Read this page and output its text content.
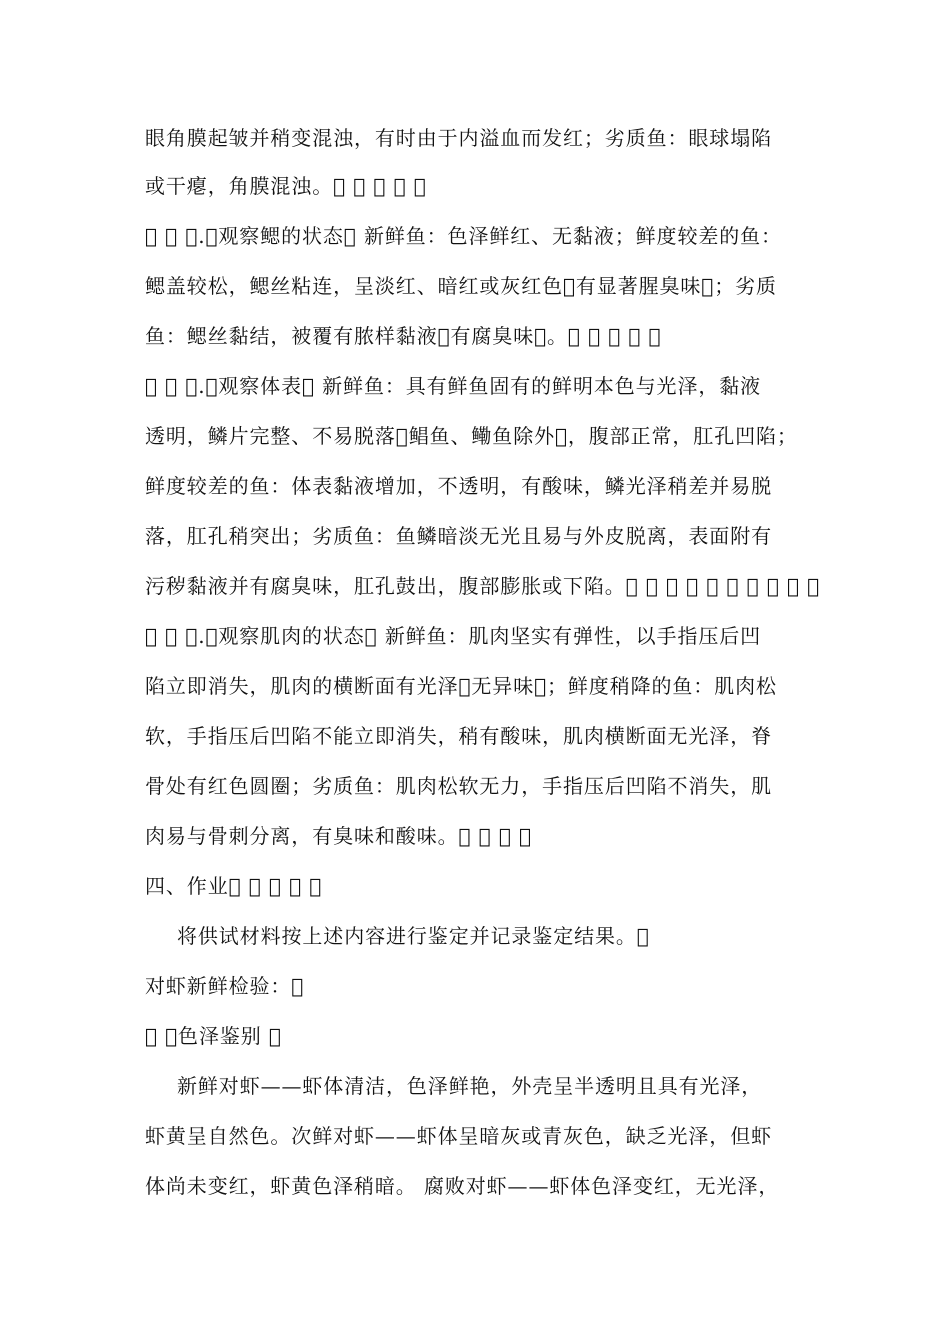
眼角膜起皱并稍变混浊，有时由于内溢血而发红；劣质鱼：眼球塌陷
或干瘪，角膜混浊。         
     . 观察鳃的状态  新鲜鱼：色泽鲜红、无黏液；鲜度较差的鱼：
鳃盖较松，鳃丝粘连，呈淡红、暗红或灰红色 有显著腥臭味 ；劣质
鱼：鳃丝黏结，被覆有脓样黏液 有腐臭味 。         
     . 观察体表  新鲜鱼：具有鲜鱼固有的鲜明本色与光泽，黏液
透明，鳞片完整、不易脱落 鲳鱼、鳓鱼除外 ，腹部正常，肛孔凹陷；
鲜度较差的鱼：体表黏液增加，不透明，有酸味，鳞光泽稍差并易脱
落，肛孔稍突出；劣质鱼：鱼鳞暗淡无光且易与外皮脱离，表面附有
污秽黏液并有腐臭味，肛孔鼓出，腹部膨胀或下陷。                   
     . 观察肌肉的状态  新鲜鱼：肌肉坚实有弹性，以手指压后凹
陷立即消失，肌肉的横断面有光泽 无异味 ；鲜度稍降的鱼：肌肉松
软，手指压后凹陷不能立即消失，稍有酸味，肌肉横断面无光泽，脊
骨处有红色圆圈；劣质鱼：肌肉松软无力，手指压后凹陷不消失，肌
肉易与骨刺分离，有臭味和酸味。       
四、作业         
将供试材料按上述内容进行鉴定并记录鉴定结果。 
对虾新鲜检验： 
   色泽鉴别  
新鲜对虾——虾体清洁，色泽鲜艳，外壳呈半透明且具有光泽，
虾黄呈自然色。次鲜对虾——虾体呈暗灰或青灰色，缺乏光泽，但虾
体尚未变红，虾黄色泽稍暗。 腐败对虾——虾体色泽变红，无光泽，
